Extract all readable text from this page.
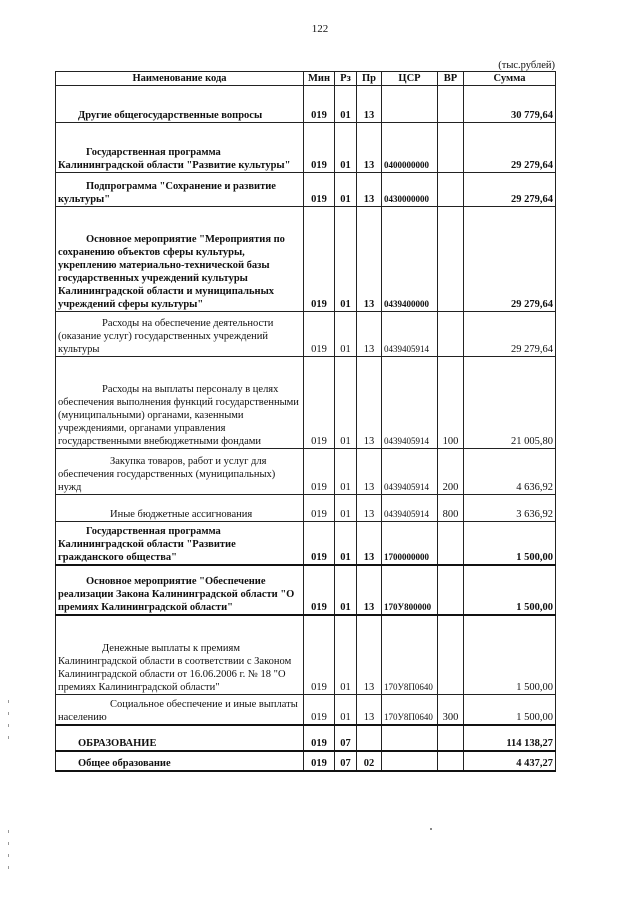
122
(тыс.рублей)
Наименование кода	Мин	Рз	Пр	ЦСР	ВР	Сумма
Другие общегосударственные вопросы	019	01	13			30 779,64
Государственная программа Калининградской области "Развитие культуры"	019	01	13	0400000000		29 279,64
Подпрограмма "Сохранение и развитие культуры"	019	01	13	0430000000		29 279,64
Основное мероприятие "Мероприятия по сохранению объектов сферы культуры, укреплению материально-технической базы государственных учреждений культуры Калининградской области и муниципальных учреждений сферы культуры"	019	01	13	0439400000		29 279,64
Расходы на обеспечение деятельности (оказание услуг) государственных учреждений культуры	019	01	13	0439405914		29 279,64
Расходы на выплаты персоналу в целях обеспечения выполнения функций государственными (муниципальными) органами, казенными учреждениями, органами управления государственными внебюджетными фондами	019	01	13	0439405914	100	21 005,80
Закупка товаров, работ и услуг для обеспечения государственных (муниципальных) нужд	019	01	13	0439405914	200	4 636,92
Иные бюджетные ассигнования	019	01	13	0439405914	800	3 636,92
Государственная программа Калининградской области "Развитие гражданского общества"	019	01	13	1700000000		1 500,00
Основное мероприятие "Обеспечение реализации Закона Калининградской области "О премиях Калининградской области"	019	01	13	170У800000		1 500,00
Денежные выплаты к премиям Калининградской области в соответствии с Законом Калининградской области от 16.06.2006 г. № 18 "О премиях Калининградской области"	019	01	13	170У8П0640		1 500,00
Социальное обеспечение и иные выплаты населению	019	01	13	170У8П0640	300	1 500,00
ОБРАЗОВАНИЕ	019	07				114 138,27
Общее образование	019	07	02			4 437,27
